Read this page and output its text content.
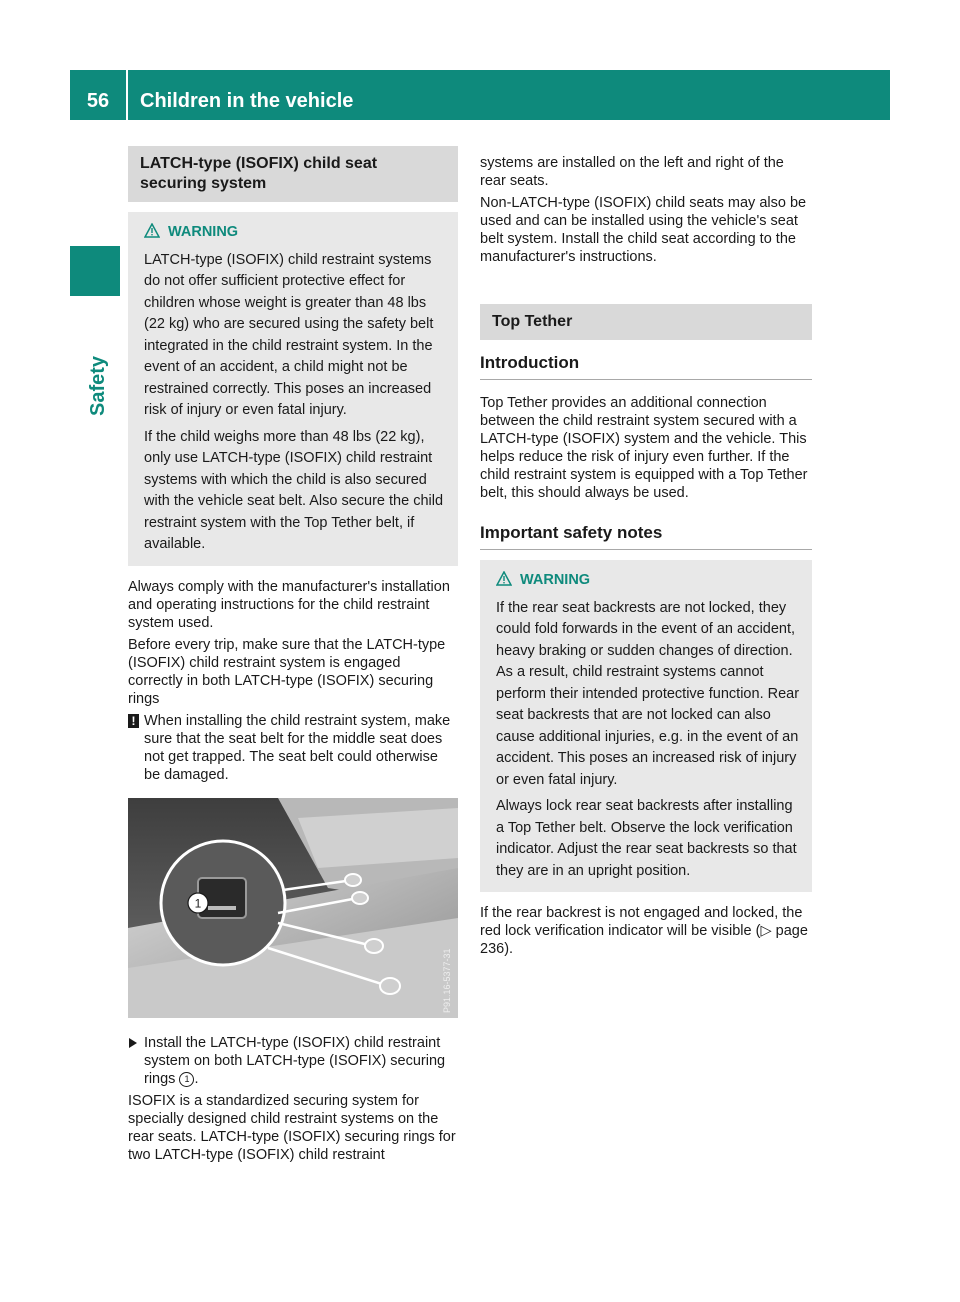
56	Children in the vehicle
Safety
LATCH-type (ISOFIX) child seat securing system
WARNING

LATCH-type (ISOFIX) child restraint systems do not offer sufficient protective effect for children whose weight is greater than 48 lbs (22 kg) who are secured using the safety belt integrated in the child restraint system. In the event of an accident, a child might not be restrained correctly. This poses an increased risk of injury or even fatal injury.

If the child weighs more than 48 lbs (22 kg), only use LATCH-type (ISOFIX) child restraint systems with which the child is also secured with the vehicle seat belt. Also secure the child restraint system with the Top Tether belt, if available.

Always comply with the manufacturer's installation and operating instructions for the child restraint system used.

Before every trip, make sure that the LATCH-type (ISOFIX) child restraint system is engaged correctly in both LATCH-type (ISOFIX) securing rings

! When installing the child restraint system, make sure that the seat belt for the middle seat does not get trapped. The seat belt could otherwise be damaged.
1
P91.16-5377-31
Install the LATCH-type (ISOFIX) child restraint system on both LATCH-type (ISOFIX) securing rings 1 .

ISOFIX is a standardized securing system for specially designed child restraint systems on the rear seats. LATCH-type (ISOFIX) securing rings for two LATCH-type (ISOFIX) child restraint

systems are installed on the left and right of the rear seats.

Non-LATCH-type (ISOFIX) child seats may also be used and can be installed using the vehicle's seat belt system. Install the child seat according to the manufacturer's instructions.

Top Tether
Introduction

Top Tether provides an additional connection between the child restraint system secured with a LATCH-type (ISOFIX) system and the vehicle. This helps reduce the risk of injury even further. If the child restraint system is equipped with a Top Tether belt, this should always be used.

Important safety notes
WARNING

If the rear seat backrests are not locked, they could fold forwards in the event of an accident, heavy braking or sudden changes of direction. As a result, child restraint systems cannot perform their intended protective function. Rear seat backrests that are not locked can also cause additional injuries, e.g. in the event of an accident. This poses an increased risk of injury or even fatal injury.

Always lock rear seat backrests after installing a Top Tether belt. Observe the lock verification indicator. Adjust the rear seat backrests so that they are in an upright position.

If the rear backrest is not engaged and locked, the red lock verification indicator will be visible (▷ page 236).
